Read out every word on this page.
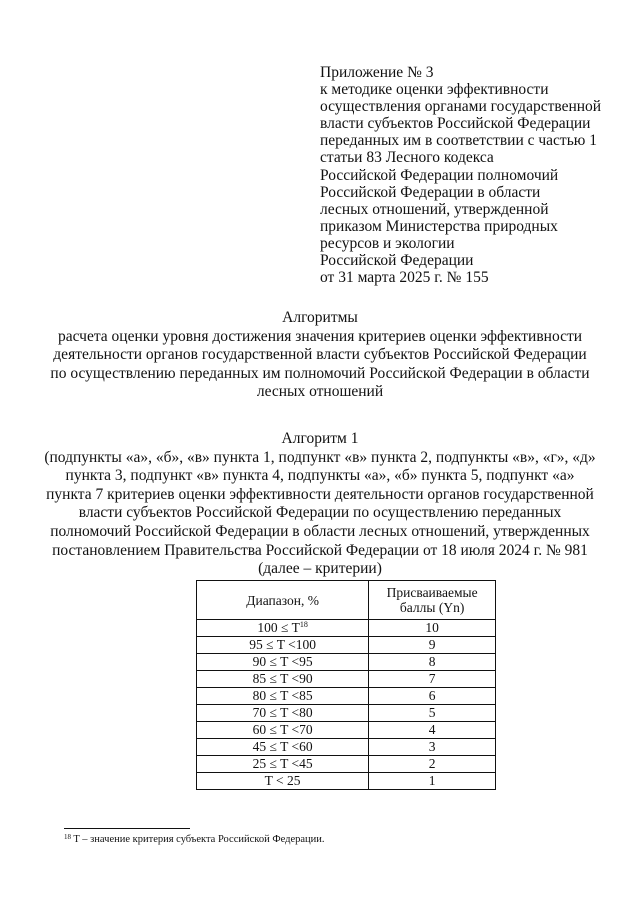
Приложение № 3
к методике оценки эффективности
осуществления органами государственной
власти субъектов Российской Федерации
переданных им в соответствии с частью 1
статьи 83 Лесного кодекса
Российской Федерации полномочий
Российской Федерации в области
лесных отношений, утвержденной
приказом Министерства природных
ресурсов и экологии
Российской Федерации
от 31 марта 2025 г. № 155
Алгоритмы
расчета оценки уровня достижения значения критериев оценки эффективности
деятельности органов государственной власти субъектов Российской Федерации
по осуществлению переданных им полномочий Российской Федерации в области
лесных отношений
Алгоритм 1
(подпункты «а», «б», «в» пункта 1, подпункт «в» пункта 2, подпункты «в», «г», «д»
пункта 3, подпункт «в» пункта 4, подпункты «а», «б» пункта 5, подпункт «а»
пункта 7 критериев оценки эффективности деятельности органов государственной
власти субъектов Российской Федерации по осуществлению переданных
полномочий Российской Федерации в области лесных отношений, утвержденных
постановлением Правительства Российской Федерации от 18 июля 2024 г. № 981
(далее – критерии)
Диапазон, %	Присваиваемые
баллы (Yn)
100 ≤ T$^{18}$	10
95 ≤ T <100	9
90 ≤ T <95	8
85 ≤ T <90	7
80 ≤ T <85	6
70 ≤ T <80	5
60 ≤ T <70	4
45 ≤ T <60	3
25 ≤ T <45	2
T < 25	1
$^{18}$ T – значение критерия субъекта Российской Федерации.
